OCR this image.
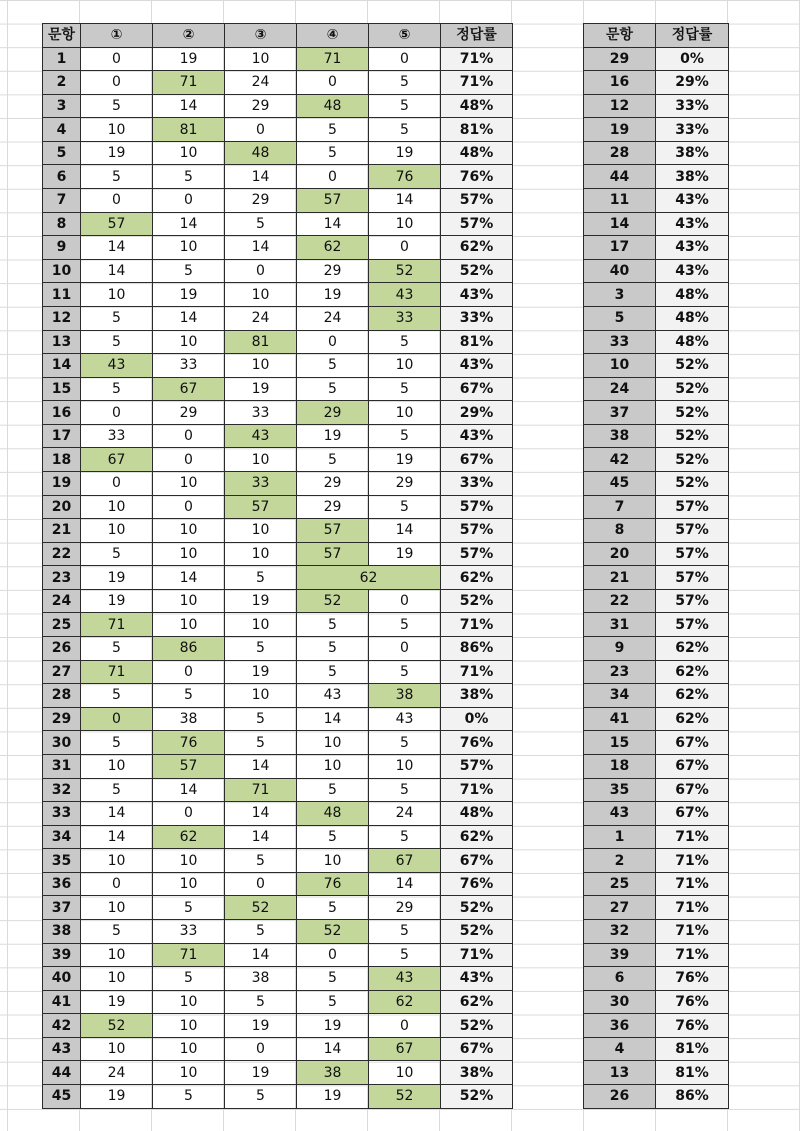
문항	①	②	③	④	⑤	정답률
1	0	19	10	71	0	71%
2	0	71	24	0	5	71%
3	5	14	29	48	5	48%
4	10	81	0	5	5	81%
5	19	10	48	5	19	48%
6	5	5	14	0	76	76%
7	0	0	29	57	14	57%
8	57	14	5	14	10	57%
9	14	10	14	62	0	62%
10	14	5	0	29	52	52%
11	10	19	10	19	43	43%
12	5	14	24	24	33	33%
13	5	10	81	0	5	81%
14	43	33	10	5	10	43%
15	5	67	19	5	5	67%
16	0	29	33	29	10	29%
17	33	0	43	19	5	43%
18	67	0	10	5	19	67%
19	0	10	33	29	29	33%
20	10	0	57	29	5	57%
21	10	10	10	57	14	57%
22	5	10	10	57	19	57%
23	19	14	5	62		62%
24	19	10	19	52	0	52%
25	71	10	10	5	5	71%
26	5	86	5	5	0	86%
27	71	0	19	5	5	71%
28	5	5	10	43	38	38%
29	0	38	5	14	43	0%
30	5	76	5	10	5	76%
31	10	57	14	10	10	57%
32	5	14	71	5	5	71%
33	14	0	14	48	24	48%
34	14	62	14	5	5	62%
35	10	10	5	10	67	67%
36	0	10	0	76	14	76%
37	10	5	52	5	29	52%
38	5	33	5	52	5	52%
39	10	71	14	0	5	71%
40	10	5	38	5	43	43%
41	19	10	5	5	62	62%
42	52	10	19	19	0	52%
43	10	10	0	14	67	67%
44	24	10	19	38	10	38%
45	19	5	5	19	52	52%
문항	정답률
29	0%
16	29%
12	33%
19	33%
28	38%
44	38%
11	43%
14	43%
17	43%
40	43%
3	48%
5	48%
33	48%
10	52%
24	52%
37	52%
38	52%
42	52%
45	52%
7	57%
8	57%
20	57%
21	57%
22	57%
31	57%
9	62%
23	62%
34	62%
41	62%
15	67%
18	67%
35	67%
43	67%
1	71%
2	71%
25	71%
27	71%
32	71%
39	71%
6	76%
30	76%
36	76%
4	81%
13	81%
26	86%
